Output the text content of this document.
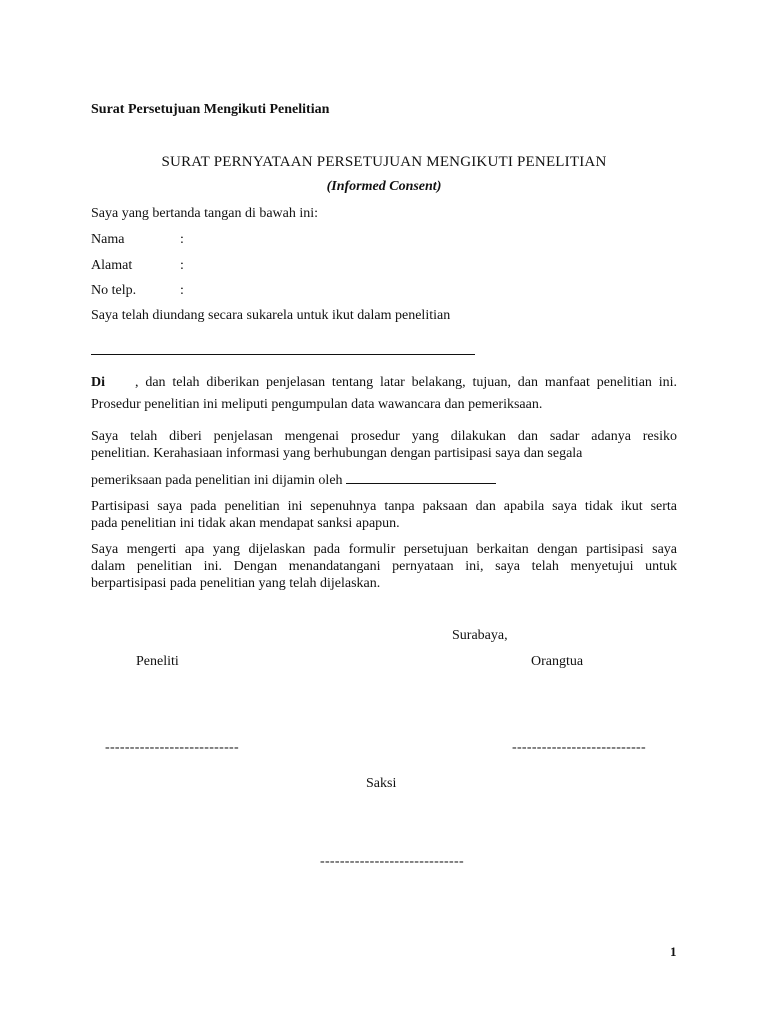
Surat Persetujuan Mengikuti Penelitian
SURAT PERNYATAAN PERSETUJUAN MENGIKUTI PENELITIAN
(Informed Consent)
Saya yang bertanda tangan di bawah ini:
Nama	:
Alamat	:
No telp.	:
Saya telah diundang secara sukarela untuk ikut dalam penelitian
Di , dan telah diberikan penjelasan tentang latar belakang, tujuan, dan manfaat penelitian ini.
Prosedur penelitian ini meliputi pengumpulan data wawancara dan pemeriksaan.
Saya telah diberi penjelasan mengenai prosedur yang dilakukan dan sadar adanya resiko
penelitian. Kerahasiaan informasi yang berhubungan dengan partisipasi saya dan segala
pemeriksaan pada penelitian ini dijamin oleh
Partisipasi saya pada penelitian ini sepenuhnya tanpa paksaan dan apabila saya tidak ikut serta
pada penelitian ini tidak akan mendapat sanksi apapun.
Saya mengerti apa yang dijelaskan pada formulir persetujuan berkaitan dengan partisipasi saya
dalam penelitian ini. Dengan menandatangani pernyataan ini, saya telah menyetujui untuk
berpartisipasi pada penelitian yang telah dijelaskan.
Surabaya,
Peneliti	Orangtua
---------------------------	---------------------------
Saksi
-----------------------------
1
